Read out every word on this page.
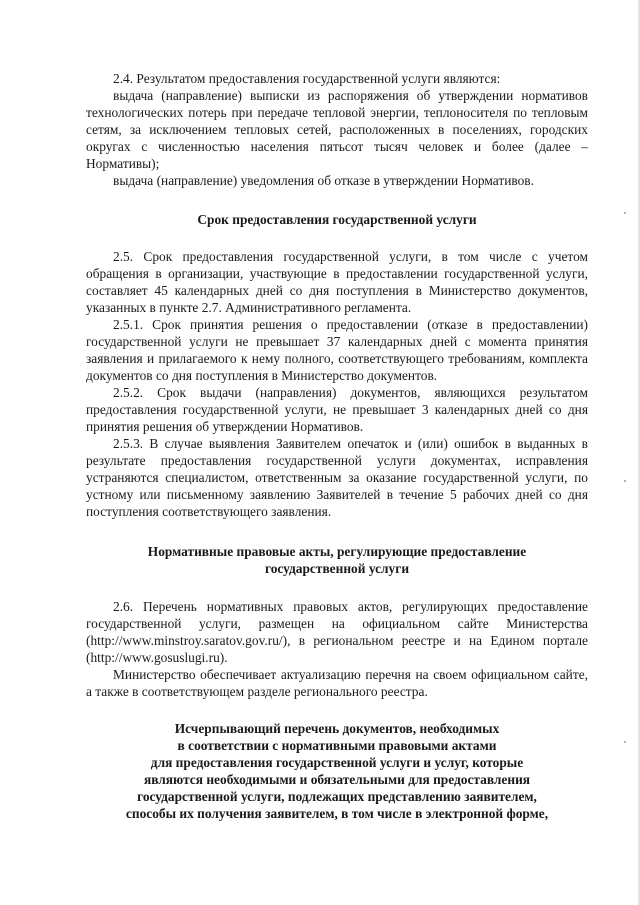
2.4. Результатом предоставления государственной услуги являются:

выдача (направление) выписки из распоряжения об утверждении нормативов технологических потерь при передаче тепловой энергии, теплоносителя по тепловым сетям, за исключением тепловых сетей, расположенных в поселениях, городских округах с численностью населения пятьсот тысяч человек и более (далее – Нормативы);

выдача (направление) уведомления об отказе в утверждении Нормативов.

Срок предоставления государственной услуги

2.5. Срок предоставления государственной услуги, в том числе с учетом обращения в организации, участвующие в предоставлении государственной услуги, составляет 45 календарных дней со дня поступления в Министерство документов, указанных в пункте 2.7. Административного регламента.

2.5.1. Срок принятия решения о предоставлении (отказе в предоставлении) государственной услуги не превышает 37 календарных дней с момента принятия заявления и прилагаемого к нему полного, соответствующего требованиям, комплекта документов со дня поступления в Министерство документов.

2.5.2. Срок выдачи (направления) документов, являющихся результатом предоставления государственной услуги, не превышает 3 календарных дней со дня принятия решения об утверждении Нормативов.

2.5.3. В случае выявления Заявителем опечаток и (или) ошибок в выданных в результате предоставления государственной услуги документах, исправления устраняются специалистом, ответственным за оказание государственной услуги, по устному или письменному заявлению Заявителей в течение 5 рабочих дней со дня поступления соответствующего заявления.

Нормативные правовые акты, регулирующие предоставление

государственной услуги

2.6. Перечень нормативных правовых актов, регулирующих предоставление государственной услуги, размещен на официальном сайте Министерства (http://www.minstroy.saratov.gov.ru/), в региональном реестре и на Едином портале (http://www.gosuslugi.ru).

Министерство обеспечивает актуализацию перечня на своем официальном сайте, а также в соответствующем разделе регионального реестра.

Исчерпывающий перечень документов, необходимых

в соответствии с нормативными правовыми актами

для предоставления государственной услуги и услуг, которые

являются необходимыми и обязательными для предоставления

государственной услуги, подлежащих представлению заявителем,

способы их получения заявителем, в том числе в электронной форме,
